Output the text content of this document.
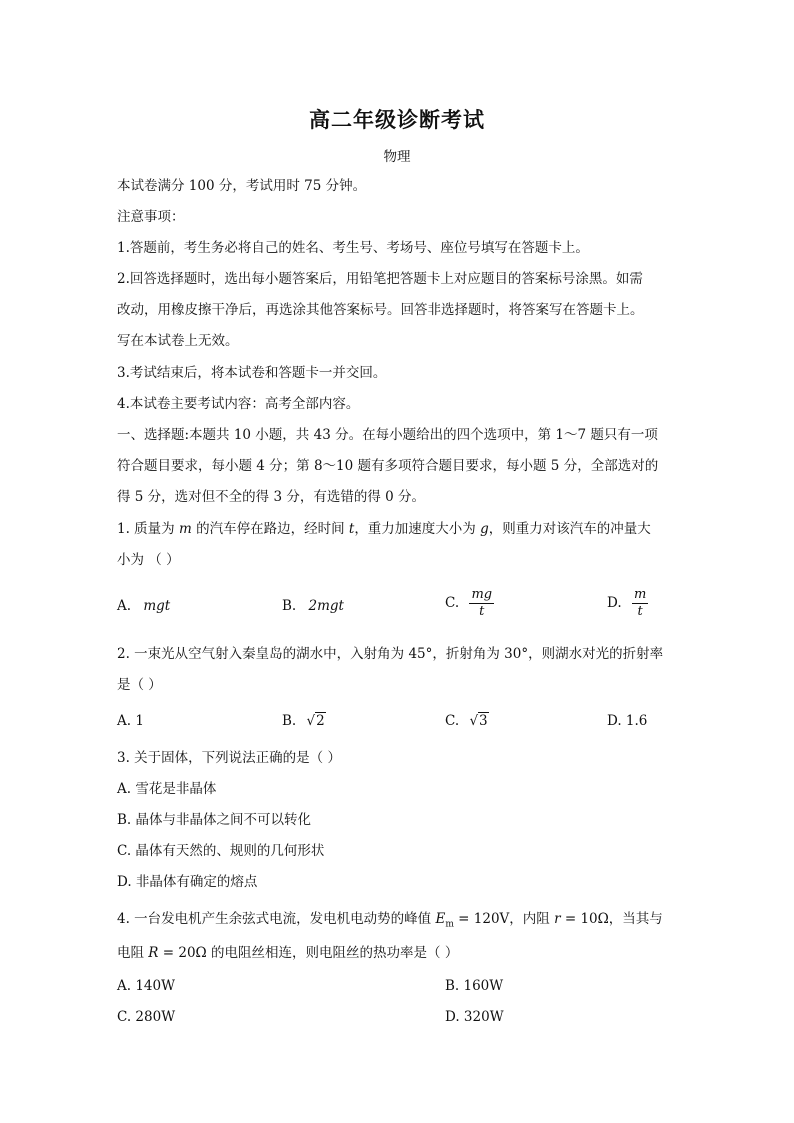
高二年级诊断考试
物理
本试卷满分 100 分，考试用时 75 分钟。
注意事项：
1.答题前，考生务必将自己的姓名、考生号、考场号、座位号填写在答题卡上。
2.回答选择题时，选出每小题答案后，用铅笔把答题卡上对应题目的答案标号涂黑。如需
改动，用橡皮擦干净后，再选涂其他答案标号。回答非选择题时，将答案写在答题卡上。
写在本试卷上无效。
3.考试结束后，将本试卷和答题卡一并交回。
4.本试卷主要考试内容：高考全部内容。
一、选择题:本题共 10 小题，共 43 分。在每小题给出的四个选项中，第 1～7 题只有一项
符合题目要求，每小题 4 分；第 8～10 题有多项符合题目要求，每小题 5 分，全部选对的
得 5 分，选对但不全的得 3 分，有选错的得 0 分。
1. 质量为 m 的汽车停在路边，经时间 t，重力加速度大小为 g，则重力对该汽车的冲量大
小为 （ ）
A. mgt	B. 2mgt	C. $\frac{mg}{t}$	D. $\frac{m}{t}$
2. 一束光从空气射入秦皇岛的湖水中，入射角为 45°，折射角为 30°，则湖水对光的折射率
是（ ）
A. 1	B. √2	C. √3	D. 1.6
3. 关于固体，下列说法正确的是（ ）
A. 雪花是非晶体
B. 晶体与非晶体之间不可以转化
C. 晶体有天然的、规则的几何形状
D. 非晶体有确定的熔点
4. 一台发电机产生余弦式电流，发电机电动势的峰值 $E_m = 120V$，内阻 r = 10Ω，当其与
电阻 R = 20Ω 的电阻丝相连，则电阻丝的热功率是（ ）
A. 140W	B. 160W
C. 280W	D. 320W
